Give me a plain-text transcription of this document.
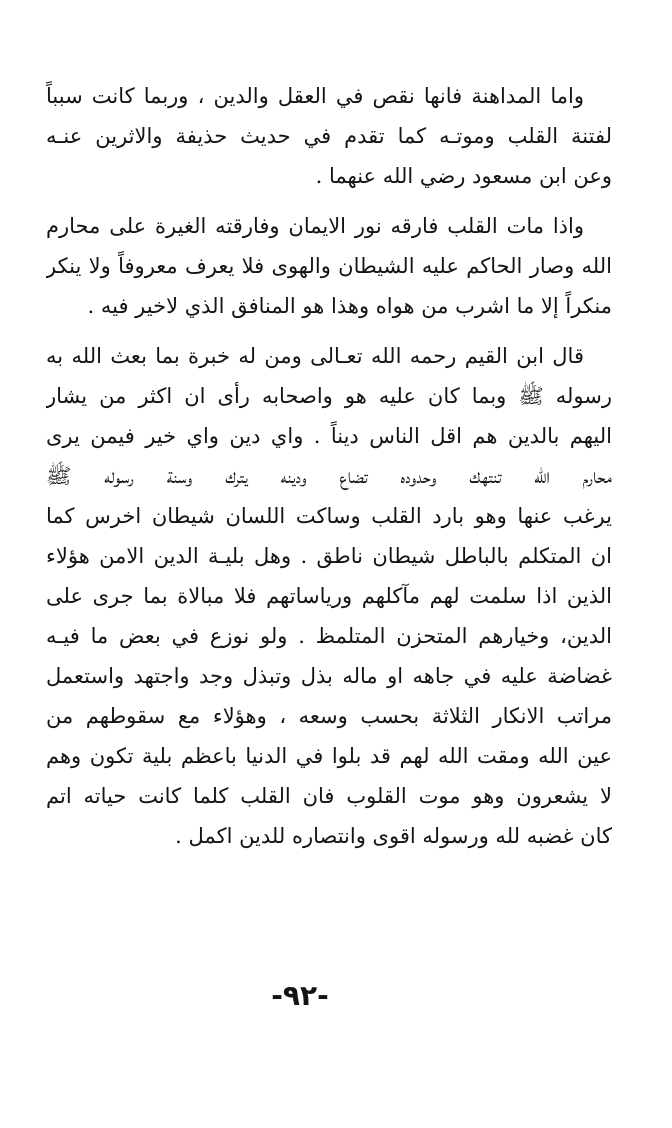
واما المداهنة فانها نقص في العقل والدين ، وربما كانت سبباً
لفتنة القلب وموتـه كما تقدم في حديث حذيفة والاثرين عنـه
وعن ابن مسعود رضي الله عنهما .
واذا مات القلب فارقه نور الايمان وفارقته الغيرة على محارم
الله وصار الحاكم عليه الشيطان والهوى فلا يعرف معروفاً ولا ينكر
منكراً إلا ما اشرب من هواه وهذا هو المنافق الذي لاخير فيه .
قال ابن القيم رحمه الله تعـالى ومن له خبرة بما بعث الله به
رسوله ﷺ وبما كان عليه هو واصحابه رأى ان اكثر من يشار
اليهم بالدين هم اقل الناس ديناً . واي دين واي خير فيمن يرى
محارم الله تنتهك وحدوده تضاع ودينه يترك وسنة رسوله ﷺ
يرغب عنها وهو بارد القلب وساكت اللسان شيطان اخرس كما
ان المتكلم بالباطل شيطان ناطق . وهل بليـة الدين الامن هؤلاء
الذين اذا سلمت لهم مآكلهم ورياساتهم فلا مبالاة بما جرى على
الدين، وخيارهم المتحزن المتلمظ . ولو نوزع في بعض ما فيـه
غضاضة عليه في جاهه او ماله بذل وتبذل وجد واجتهد واستعمل
مراتب الانكار الثلاثة بحسب وسعه ، وهؤلاء مع سقوطهم من
عين الله ومقت الله لهم قد بلوا في الدنيا باعظم بلية تكون وهم
لا يشعرون وهو موت القلوب فان القلب كلما كانت حياته اتم
كان غضبه لله ورسوله اقوى وانتصاره للدين اكمل .
-٩٢-
